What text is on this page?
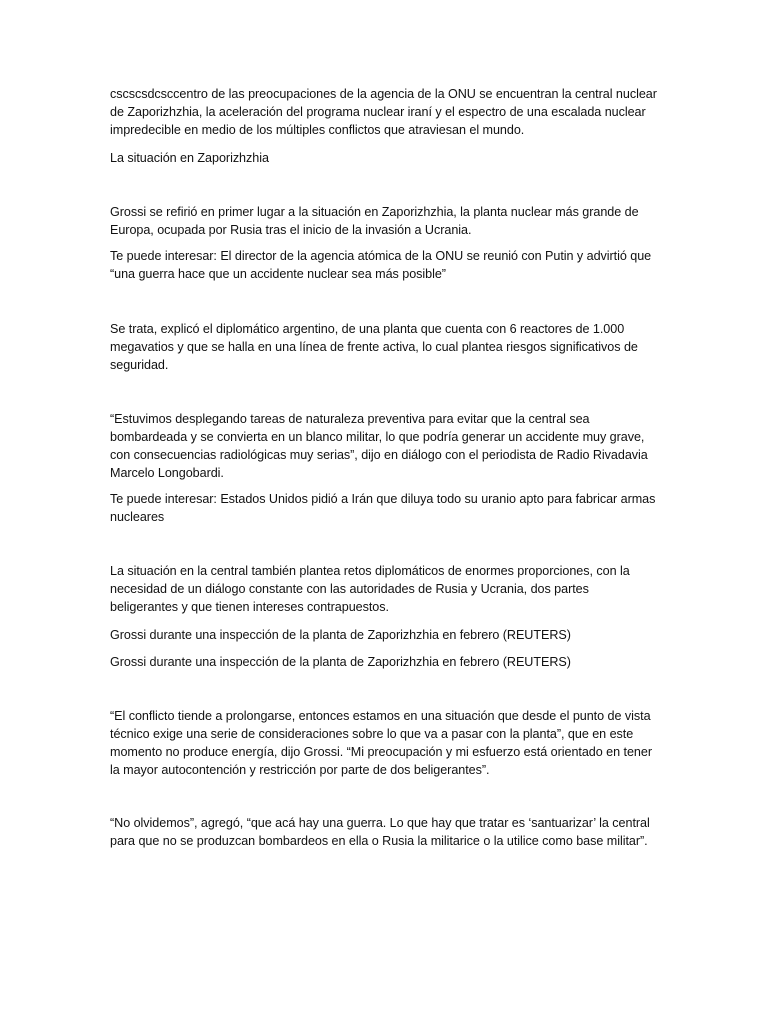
cscscsdcsccentro de las preocupaciones de la agencia de la ONU se encuentran la central nuclear de Zaporizhzhia, la aceleración del programa nuclear iraní y el espectro de una escalada nuclear impredecible en medio de los múltiples conflictos que atraviesan el mundo.

La situación en Zaporizhzhia

Grossi se refirió en primer lugar a la situación en Zaporizhzhia, la planta nuclear más grande de Europa, ocupada por Rusia tras el inicio de la invasión a Ucrania.

Te puede interesar: El director de la agencia atómica de la ONU se reunió con Putin y advirtió que “una guerra hace que un accidente nuclear sea más posible”

Se trata, explicó el diplomático argentino, de una planta que cuenta con 6 reactores de 1.000 megavatios y que se halla en una línea de frente activa, lo cual plantea riesgos significativos de seguridad.

“Estuvimos desplegando tareas de naturaleza preventiva para evitar que la central sea bombardeada y se convierta en un blanco militar, lo que podría generar un accidente muy grave, con consecuencias radiológicas muy serias”, dijo en diálogo con el periodista de Radio Rivadavia Marcelo Longobardi.

Te puede interesar: Estados Unidos pidió a Irán que diluya todo su uranio apto para fabricar armas nucleares

La situación en la central también plantea retos diplomáticos de enormes proporciones, con la necesidad de un diálogo constante con las autoridades de Rusia y Ucrania, dos partes beligerantes y que tienen intereses contrapuestos.

Grossi durante una inspección de la planta de Zaporizhzhia en febrero (REUTERS)

Grossi durante una inspección de la planta de Zaporizhzhia en febrero (REUTERS)

“El conflicto tiende a prolongarse, entonces estamos en una situación que desde el punto de vista técnico exige una serie de consideraciones sobre lo que va a pasar con la planta”, que en este momento no produce energía, dijo Grossi. “Mi preocupación y mi esfuerzo está orientado en tener la mayor autocontención y restricción por parte de dos beligerantes”.

“No olvidemos”, agregó, “que acá hay una guerra. Lo que hay que tratar es ‘santuarizar’ la central para que no se produzcan bombardeos en ella o Rusia la militarice o la utilice como base militar”.
